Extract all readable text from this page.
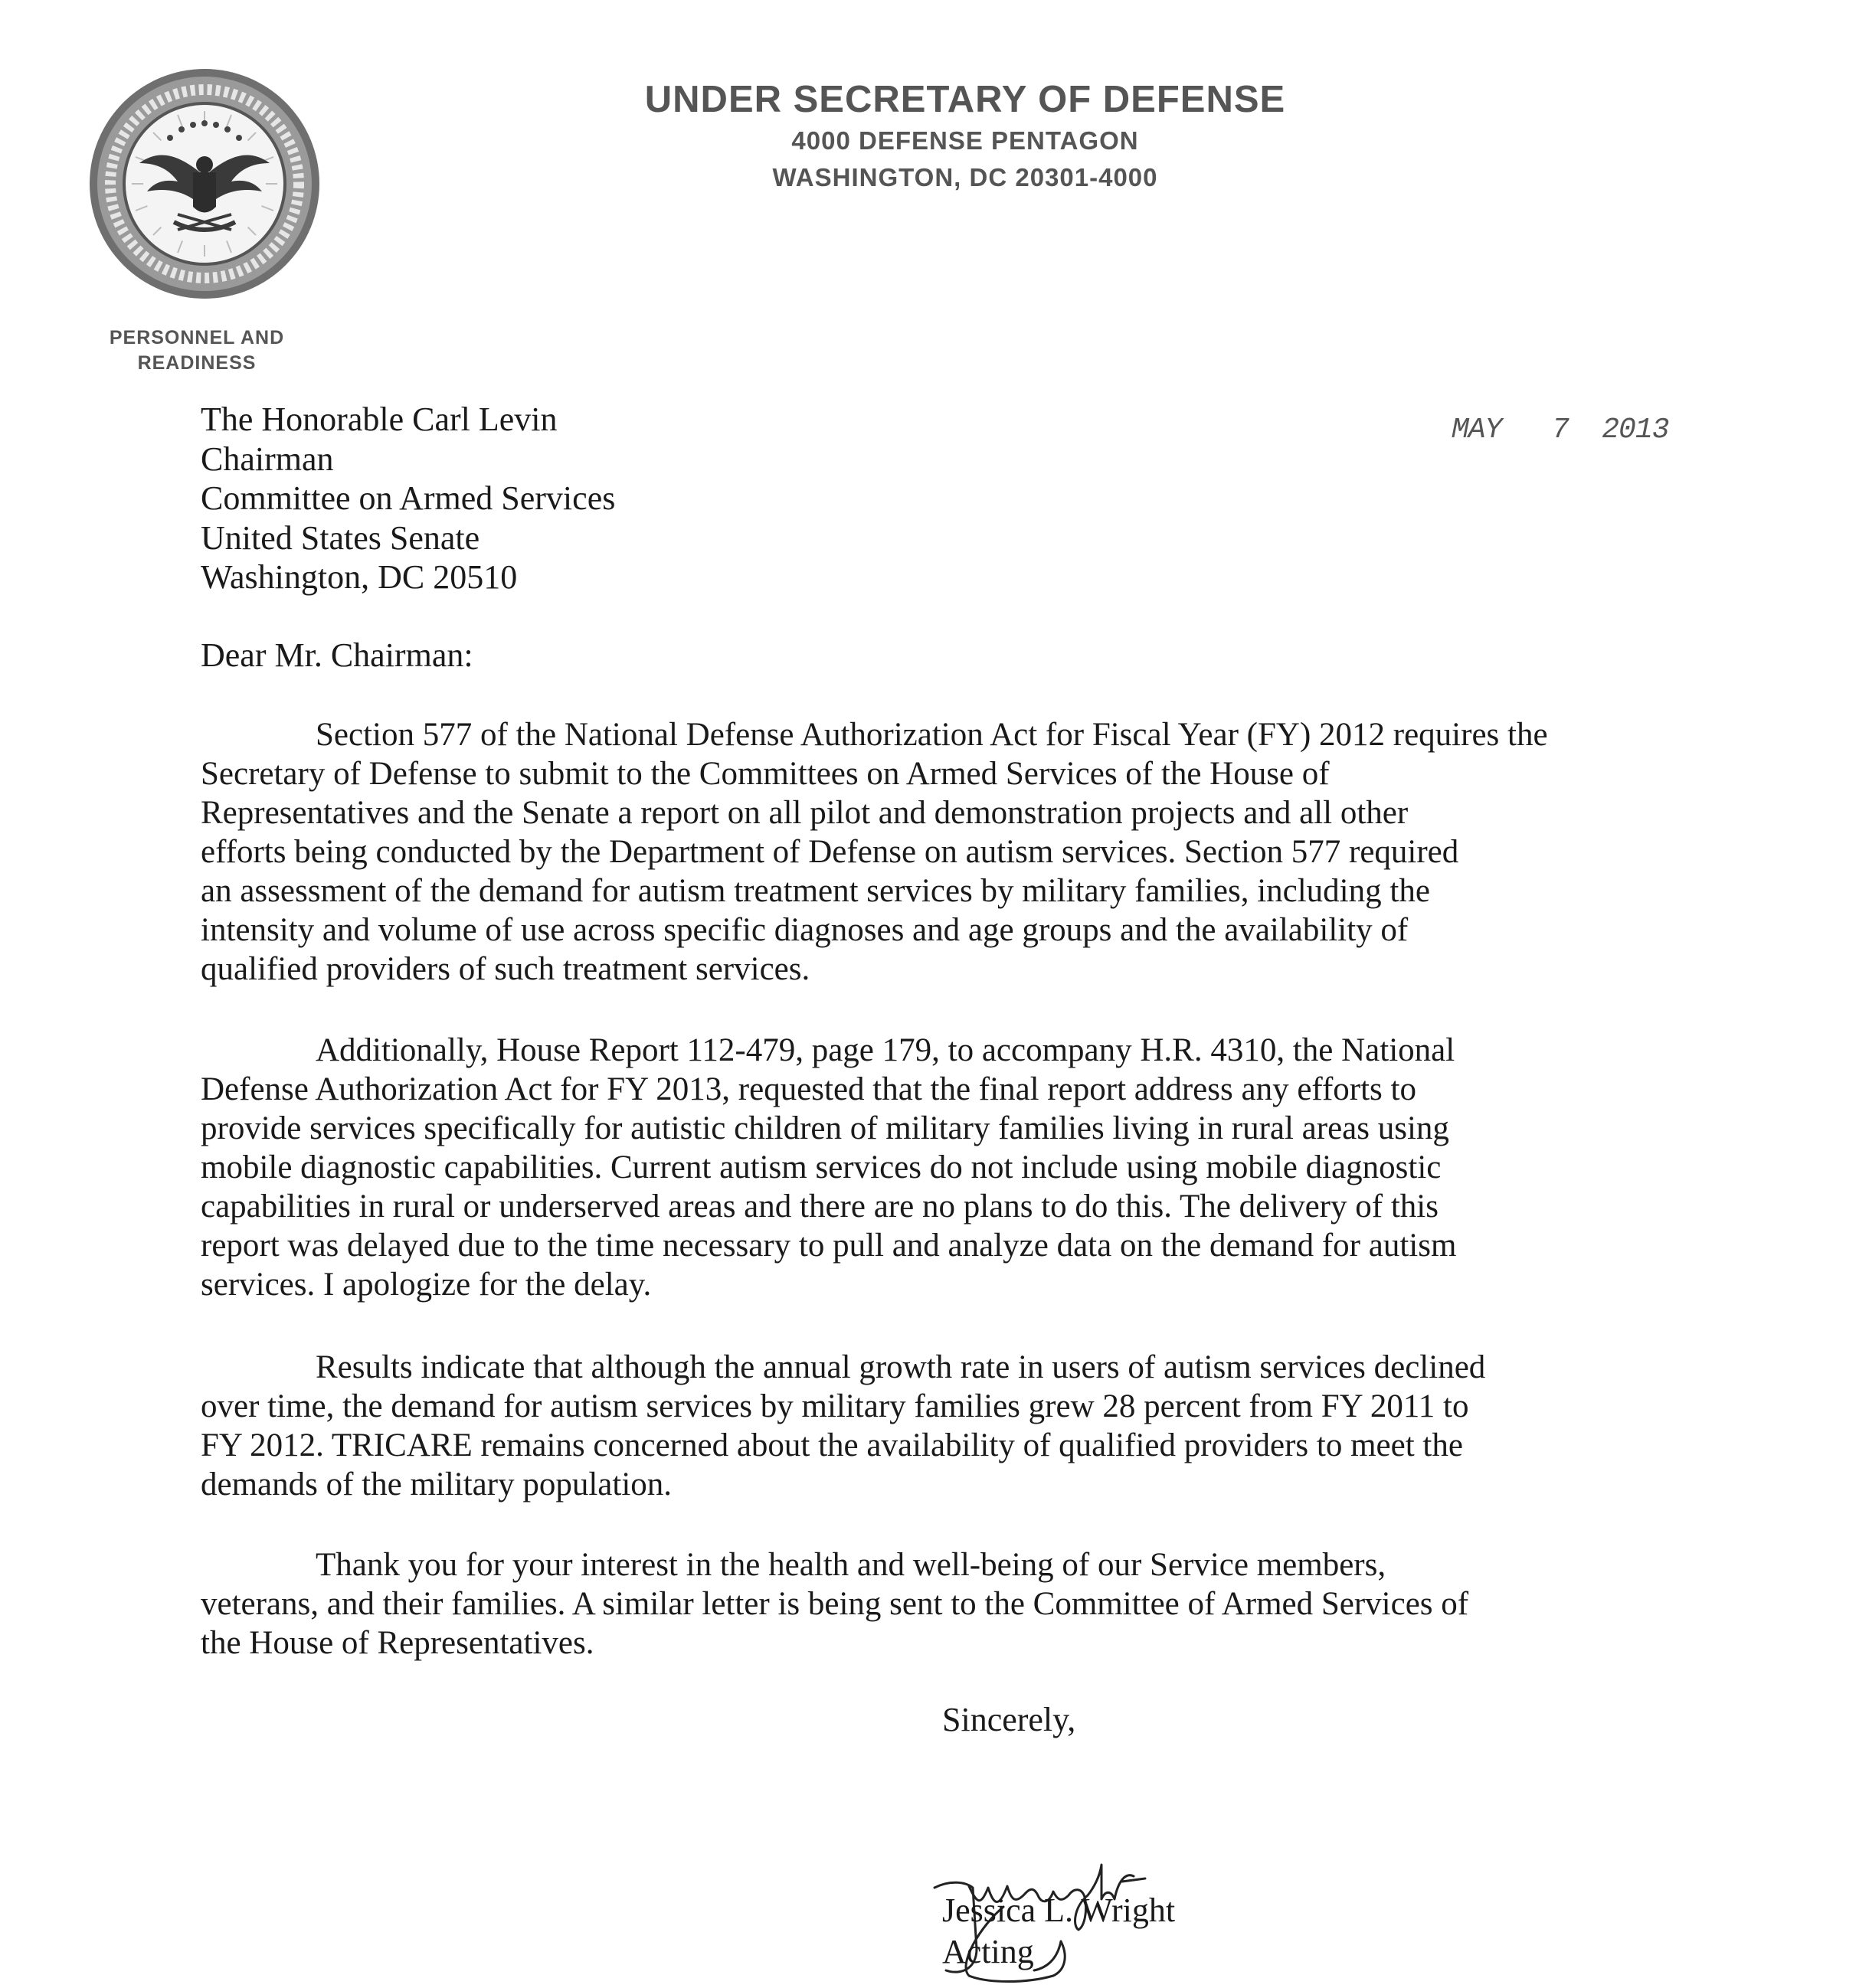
PERSONNEL AND
READINESS
UNDER SECRETARY OF DEFENSE
4000 DEFENSE PENTAGON
WASHINGTON, DC 20301-4000
MAY   7  2013
The Honorable Carl Levin
Chairman
Committee on Armed Services
United States Senate
Washington, DC 20510
Dear Mr. Chairman:
Section 577 of the National Defense Authorization Act for Fiscal Year (FY) 2012 requires the
Secretary of Defense to submit to the Committees on Armed Services of the House of
Representatives and the Senate a report on all pilot and demonstration projects and all other
efforts being conducted by the Department of Defense on autism services. Section 577 required
an assessment of the demand for autism treatment services by military families, including the
intensity and volume of use across specific diagnoses and age groups and the availability of
qualified providers of such treatment services.
Additionally, House Report 112-479, page 179, to accompany H.R. 4310, the National
Defense Authorization Act for FY 2013, requested that the final report address any efforts to
provide services specifically for autistic children of military families living in rural areas using
mobile diagnostic capabilities. Current autism services do not include using mobile diagnostic
capabilities in rural or underserved areas and there are no plans to do this. The delivery of this
report was delayed due to the time necessary to pull and analyze data on the demand for autism
services. I apologize for the delay.
Results indicate that although the annual growth rate in users of autism services declined
over time, the demand for autism services by military families grew 28 percent from FY 2011 to
FY 2012. TRICARE remains concerned about the availability of qualified providers to meet the
demands of the military population.
Thank you for your interest in the health and well-being of our Service members,
veterans, and their families. A similar letter is being sent to the Committee of Armed Services of
the House of Representatives.
Sincerely,
Jessica L. Wright
Acting
